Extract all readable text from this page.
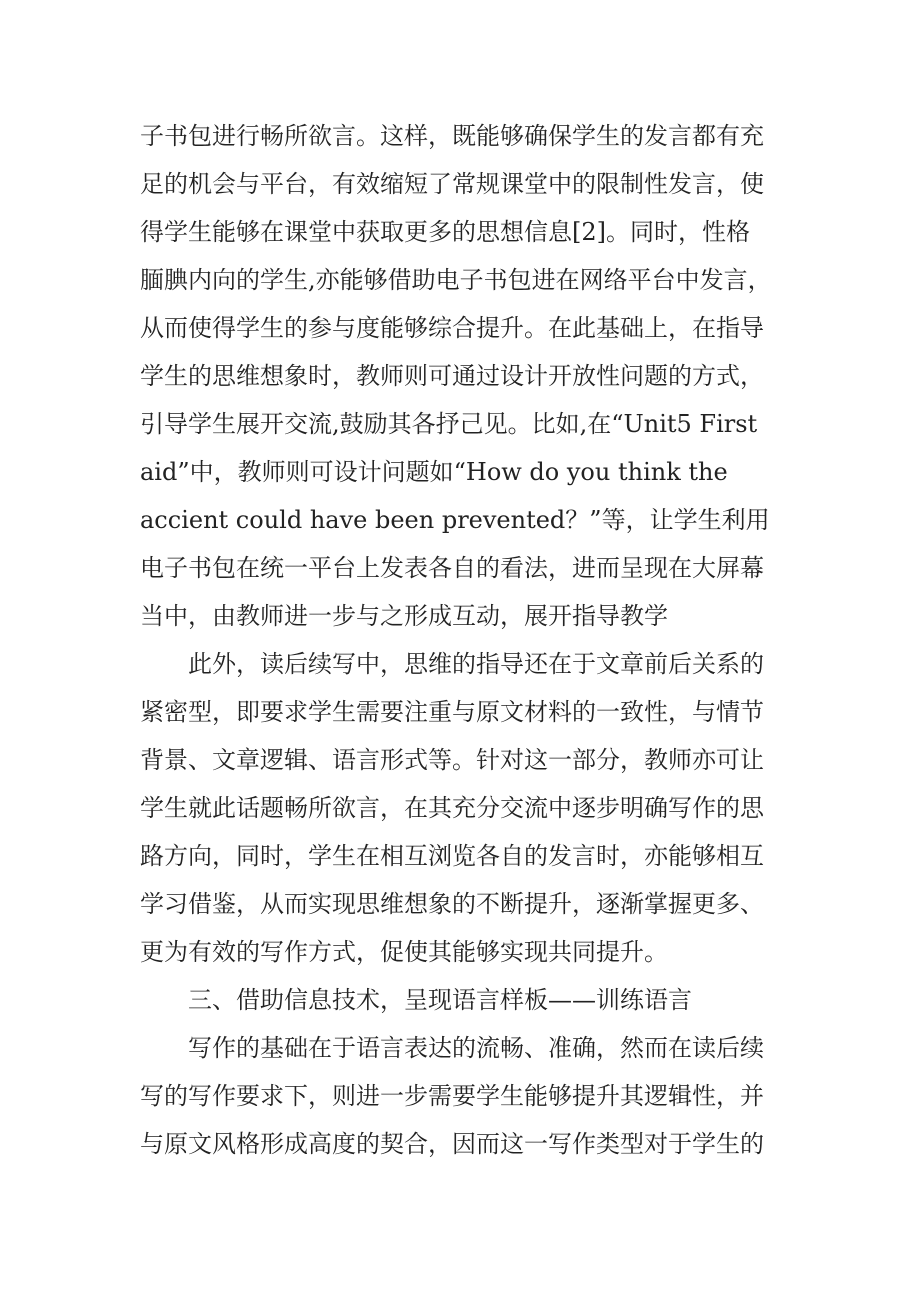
子书包进行畅所欲言。这样，既能够确保学生的发言都有充
足的机会与平台，有效缩短了常规课堂中的限制性发言，使
得学生能够在课堂中获取更多的思想信息[2]。同时，性格
腼腆内向的学生,亦能够借助电子书包进在网络平台中发言，
从而使得学生的参与度能够综合提升。在此基础上，在指导
学生的思维想象时，教师则可通过设计开放性问题的方式，
引导学生展开交流,鼓励其各抒己见。比如,在“Unit5 First
aid”中，教师则可设计问题如“How do you think the
accient could have been prevented？”等，让学生利用
电子书包在统一平台上发表各自的看法，进而呈现在大屏幕
当中，由教师进一步与之形成互动，展开指导教学
此外，读后续写中，思维的指导还在于文章前后关系的
紧密型，即要求学生需要注重与原文材料的一致性，与情节
背景、文章逻辑、语言形式等。针对这一部分，教师亦可让
学生就此话题畅所欲言，在其充分交流中逐步明确写作的思
路方向，同时，学生在相互浏览各自的发言时，亦能够相互
学习借鉴，从而实现思维想象的不断提升，逐渐掌握更多、
更为有效的写作方式，促使其能够实现共同提升。
三、借助信息技术，呈现语言样板——训练语言
写作的基础在于语言表达的流畅、准确，然而在读后续
写的写作要求下，则进一步需要学生能够提升其逻辑性，并
与原文风格形成高度的契合，因而这一写作类型对于学生的
